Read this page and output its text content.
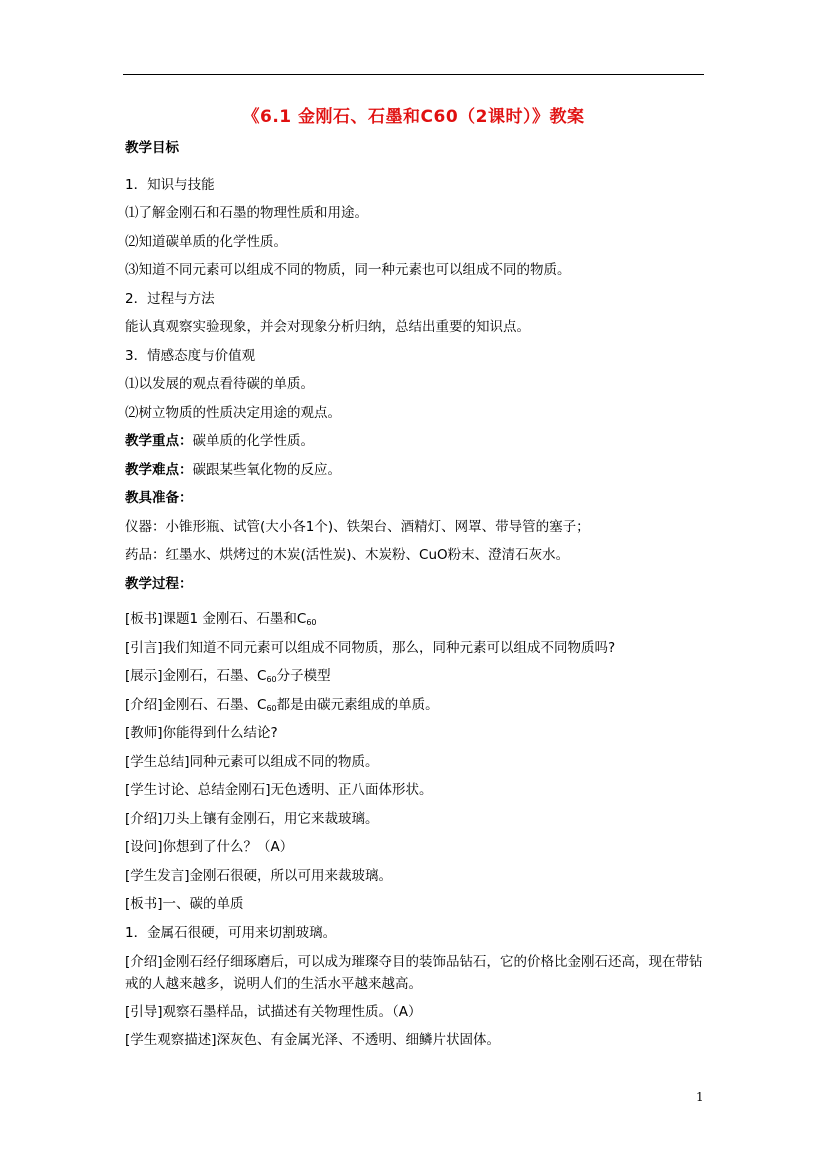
《6.1 金刚石、石墨和C60（2课时）》教案
教学目标
1．知识与技能
⑴了解金刚石和石墨的物理性质和用途。
⑵知道碳单质的化学性质。
⑶知道不同元素可以组成不同的物质，同一种元素也可以组成不同的物质。
2．过程与方法
能认真观察实验现象，并会对现象分析归纳，总结出重要的知识点。
3．情感态度与价值观
⑴以发展的观点看待碳的单质。
⑵树立物质的性质决定用途的观点。
教学重点：碳单质的化学性质。
教学难点：碳跟某些氧化物的反应。
教具准备：
仪器：小锥形瓶、试管(大小各1个)、铁架台、酒精灯、网罩、带导管的塞子；
药品：红墨水、烘烤过的木炭(活性炭)、木炭粉、CuO粉末、澄清石灰水。
教学过程：
[板书]课题1 金刚石、石墨和$C_{60}$
[引言]我们知道不同元素可以组成不同物质，那么，同种元素可以组成不同物质吗?
[展示]金刚石，石墨、$C_{60}$分子模型
[介绍]金刚石、石墨、$C_{60}$都是由碳元素组成的单质。
[教师]你能得到什么结论?
[学生总结]同种元素可以组成不同的物质。
[学生讨论、总结金刚石]无色透明、正八面体形状。
[介绍]刀头上镶有金刚石，用它来裁玻璃。
[设问]你想到了什么？（A）
[学生发言]金刚石很硬，所以可用来裁玻璃。
[板书]一、碳的单质
1．金属石很硬，可用来切割玻璃。
[介绍]金刚石经仔细琢磨后，可以成为璀璨夺目的装饰品钻石，它的价格比金刚石还高，现在带钻戒的人越来越多，说明人们的生活水平越来越高。
[引导]观察石墨样品，试描述有关物理性质。（A）
[学生观察描述]深灰色、有金属光泽、不透明、细鳞片状固体。
1
